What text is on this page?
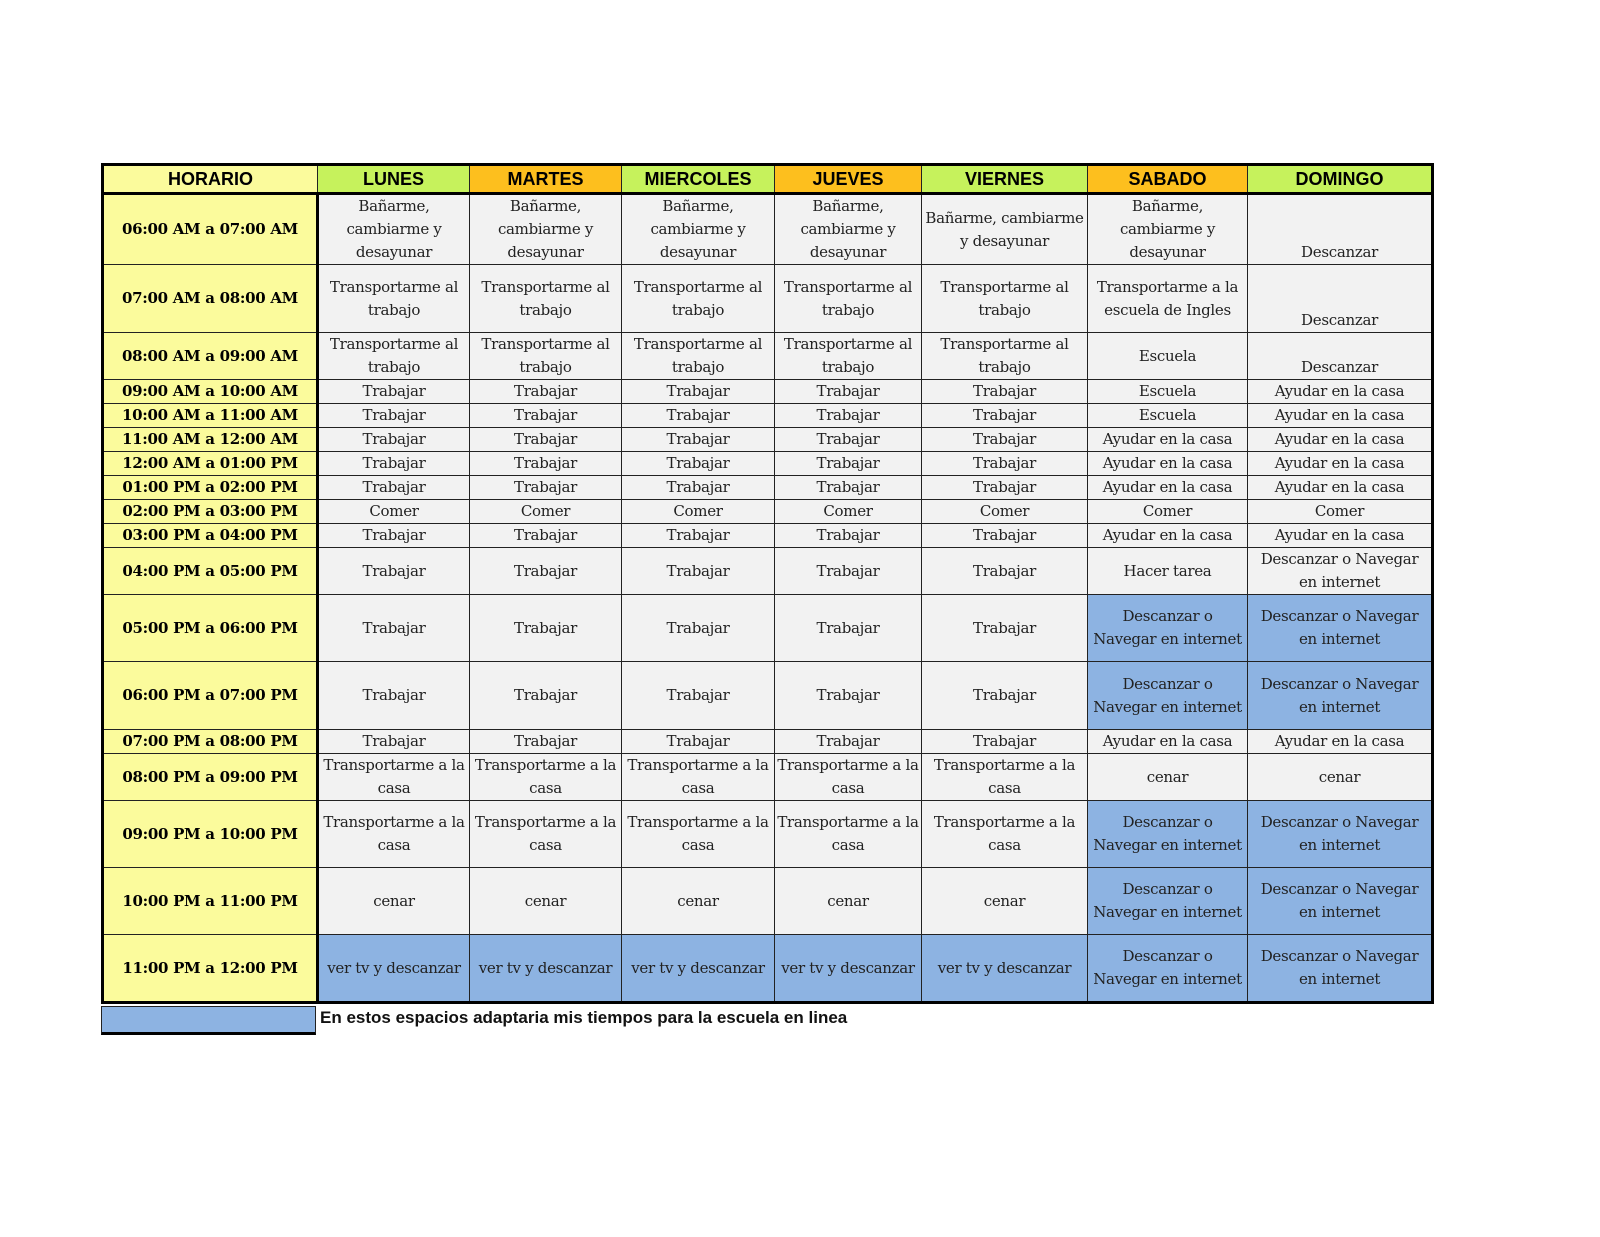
HORARIO	LUNES	MARTES	MIERCOLES	JUEVES	VIERNES	SABADO	DOMINGO
06:00 AM a 07:00 AM	Bañarme, cambiarme y desayunar	Bañarme, cambiarme y desayunar	Bañarme, cambiarme y desayunar	Bañarme, cambiarme y desayunar	Bañarme, cambiarme y desayunar	Bañarme, cambiarme y desayunar	Descanzar
07:00 AM a 08:00 AM	Transportarme al trabajo	Transportarme al trabajo	Transportarme al trabajo	Transportarme al trabajo	Transportarme al trabajo	Transportarme a la escuela de Ingles	Descanzar
08:00 AM a 09:00 AM	Transportarme al trabajo	Transportarme al trabajo	Transportarme al trabajo	Transportarme al trabajo	Transportarme al trabajo	Escuela	Descanzar
09:00 AM a 10:00 AM	Trabajar	Trabajar	Trabajar	Trabajar	Trabajar	Escuela	Ayudar en la casa
10:00 AM a 11:00 AM	Trabajar	Trabajar	Trabajar	Trabajar	Trabajar	Escuela	Ayudar en la casa
11:00 AM a 12:00 AM	Trabajar	Trabajar	Trabajar	Trabajar	Trabajar	Ayudar en la casa	Ayudar en la casa
12:00 AM a 01:00 PM	Trabajar	Trabajar	Trabajar	Trabajar	Trabajar	Ayudar en la casa	Ayudar en la casa
01:00 PM a 02:00 PM	Trabajar	Trabajar	Trabajar	Trabajar	Trabajar	Ayudar en la casa	Ayudar en la casa
02:00 PM a 03:00 PM	Comer	Comer	Comer	Comer	Comer	Comer	Comer
03:00 PM a 04:00 PM	Trabajar	Trabajar	Trabajar	Trabajar	Trabajar	Ayudar en la casa	Ayudar en la casa
04:00 PM a 05:00 PM	Trabajar	Trabajar	Trabajar	Trabajar	Trabajar	Hacer tarea	Descanzar o Navegar en internet
05:00 PM a 06:00 PM	Trabajar	Trabajar	Trabajar	Trabajar	Trabajar	Descanzar o Navegar en internet	Descanzar o Navegar en internet
06:00 PM a 07:00 PM	Trabajar	Trabajar	Trabajar	Trabajar	Trabajar	Descanzar o Navegar en internet	Descanzar o Navegar en internet
07:00 PM a 08:00 PM	Trabajar	Trabajar	Trabajar	Trabajar	Trabajar	Ayudar en la casa	Ayudar en la casa
08:00 PM a 09:00 PM	Transportarme a la casa	Transportarme a la casa	Transportarme a la casa	Transportarme a la casa	Transportarme a la casa	cenar	cenar
09:00 PM a 10:00 PM	Transportarme a la casa	Transportarme a la casa	Transportarme a la casa	Transportarme a la casa	Transportarme a la casa	Descanzar o Navegar en internet	Descanzar o Navegar en internet
10:00 PM a 11:00 PM	cenar	cenar	cenar	cenar	cenar	Descanzar o Navegar en internet	Descanzar o Navegar en internet
11:00 PM a 12:00 PM	ver tv y descanzar	ver tv y descanzar	ver tv y descanzar	ver tv y descanzar	ver tv y descanzar	Descanzar o Navegar en internet	Descanzar o Navegar en internet
En estos espacios adaptaria mis tiempos para la escuela en linea
